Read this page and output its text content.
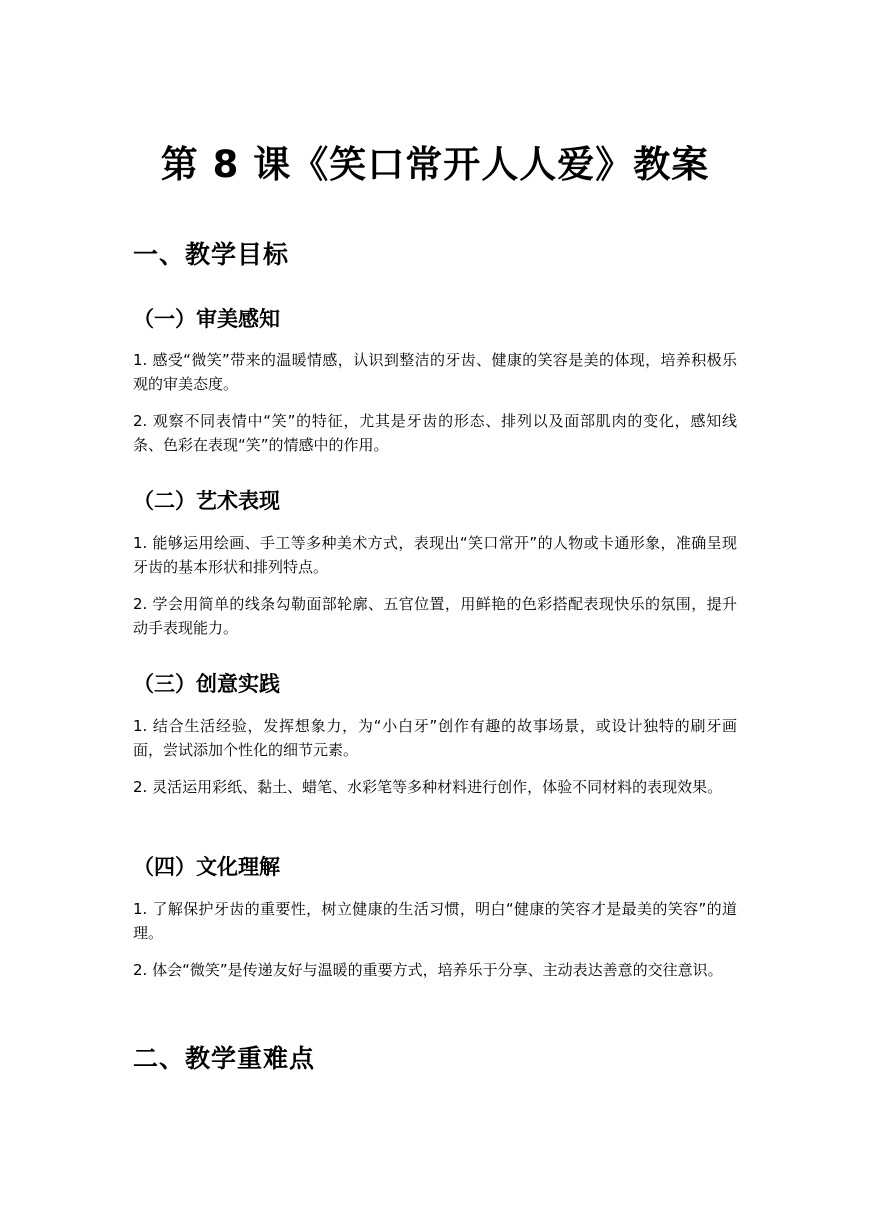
第 8 课《笑口常开人人爱》教案
一、教学目标
（一）审美感知
1. 感受“微笑”带来的温暖情感，认识到整洁的牙齿、健康的笑容是美的体现，培养积极乐观的审美态度。
2. 观察不同表情中“笑”的特征，尤其是牙齿的形态、排列以及面部肌肉的变化，感知线条、色彩在表现“笑”的情感中的作用。
（二）艺术表现
1. 能够运用绘画、手工等多种美术方式，表现出“笑口常开”的人物或卡通形象，准确呈现牙齿的基本形状和排列特点。
2. 学会用简单的线条勾勒面部轮廓、五官位置，用鲜艳的色彩搭配表现快乐的氛围，提升动手表现能力。
（三）创意实践
1. 结合生活经验，发挥想象力，为“小白牙”创作有趣的故事场景，或设计独特的刷牙画面，尝试添加个性化的细节元素。
2. 灵活运用彩纸、黏土、蜡笔、水彩笔等多种材料进行创作，体验不同材料的表现效果。
（四）文化理解
1. 了解保护牙齿的重要性，树立健康的生活习惯，明白“健康的笑容才是最美的笑容”的道理。
2. 体会“微笑”是传递友好与温暖的重要方式，培养乐于分享、主动表达善意的交往意识。
二、教学重难点
